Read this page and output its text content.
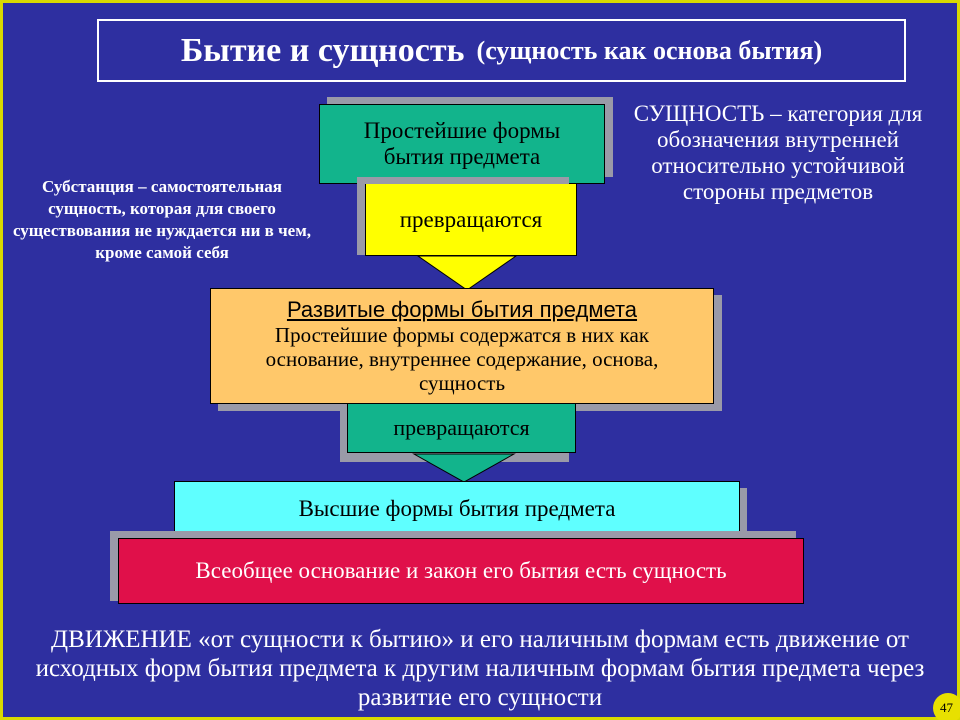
Бытие и сущность (сущность как основа бытия)
Простейшие формы бытия предмета
превращаются
Развитые формы бытия предмета
Простейшие формы содержатся в них как основание, внутреннее содержание, основа, сущность
превращаются
Высшие формы бытия предмета
Всеобщее основание и закон его бытия есть сущность
Субстанция – самостоятельная сущность, которая для своего существования не нуждается ни в чем, кроме самой себя
СУЩНОСТЬ – категория для обозначения внутренней относительно устойчивой стороны предметов
ДВИЖЕНИЕ «от сущности к бытию» и его наличным формам есть движение от исходных форм бытия предмета к другим наличным формам бытия предмета через развитие его сущности	47
